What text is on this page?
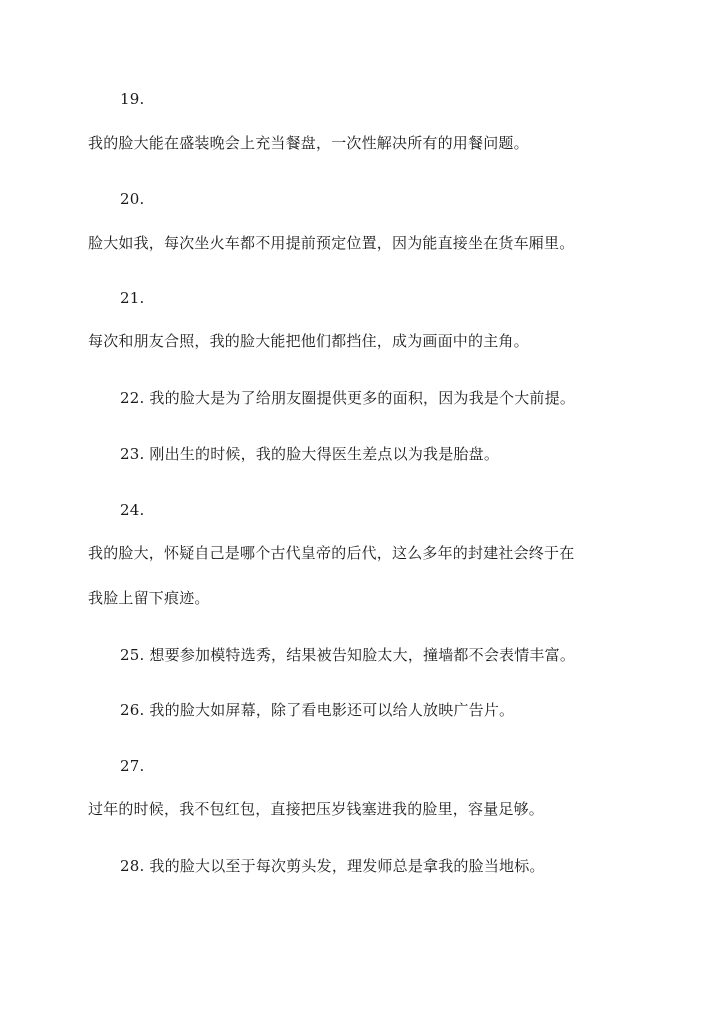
19.
我的脸大能在盛装晚会上充当餐盘，一次性解决所有的用餐问题。
20.
脸大如我，每次坐火车都不用提前预定位置，因为能直接坐在货车厢里。
21.
每次和朋友合照，我的脸大能把他们都挡住，成为画面中的主角。
22. 我的脸大是为了给朋友圈提供更多的面积，因为我是个大前提。
23. 刚出生的时候，我的脸大得医生差点以为我是胎盘。
24.
我的脸大，怀疑自己是哪个古代皇帝的后代，这么多年的封建社会终于在
我脸上留下痕迹。
25. 想要参加模特选秀，结果被告知脸太大，撞墙都不会表情丰富。
26. 我的脸大如屏幕，除了看电影还可以给人放映广告片。
27.
过年的时候，我不包红包，直接把压岁钱塞进我的脸里，容量足够。
28. 我的脸大以至于每次剪头发，理发师总是拿我的脸当地标。
